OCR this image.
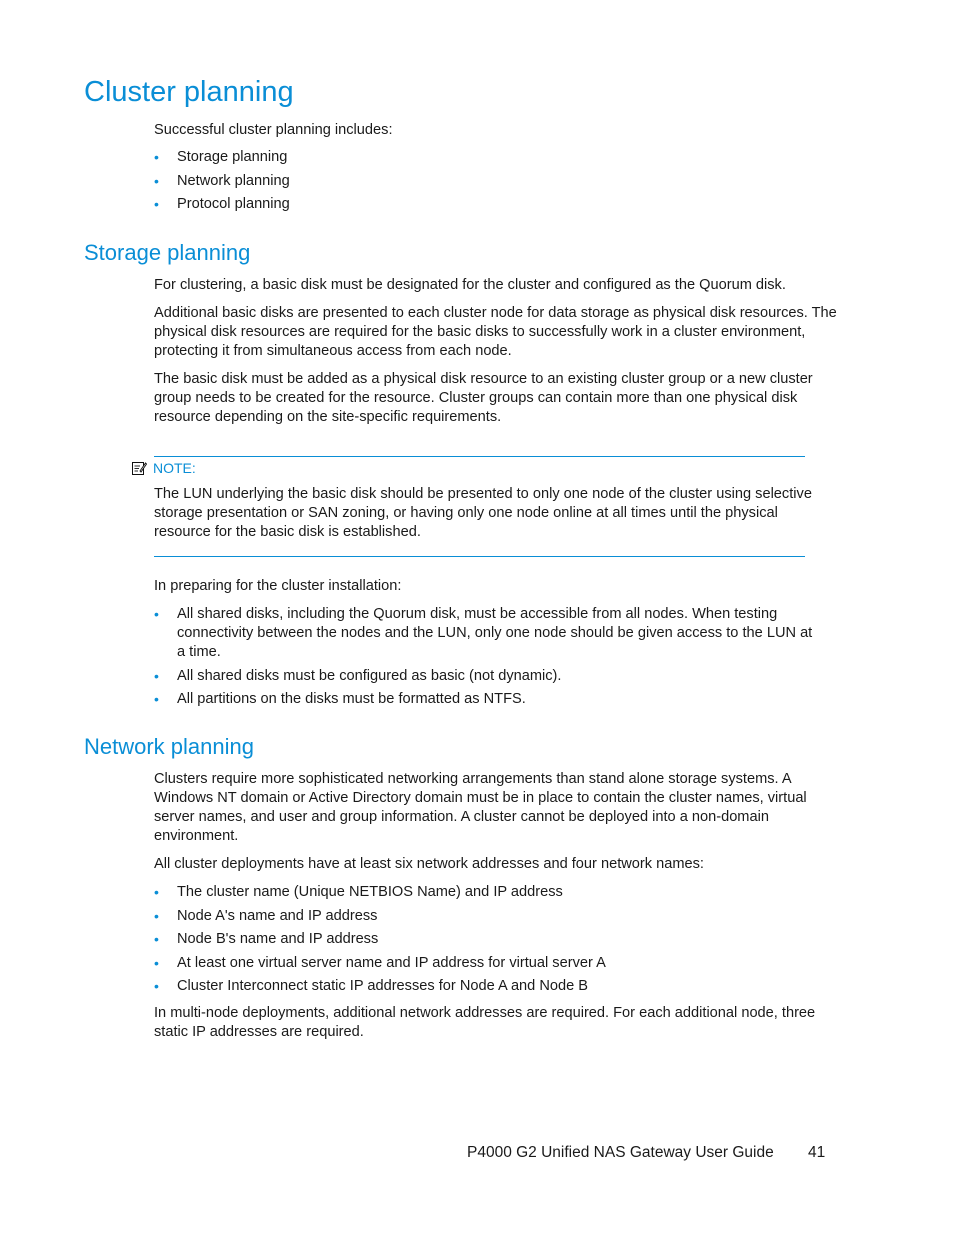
Cluster planning

Successful cluster planning includes:

• Storage planning
• Network planning
• Protocol planning
Storage planning

For clustering, a basic disk must be designated for the cluster and configured as the Quorum disk.

Additional basic disks are presented to each cluster node for data storage as physical disk resources. The physical disk resources are required for the basic disks to successfully work in a cluster environment, protecting it from simultaneous access from each node.

The basic disk must be added as a physical disk resource to an existing cluster group or a new cluster group needs to be created for the resource. Cluster groups can contain more than one physical disk resource depending on the site-specific requirements.

NOTE:

The LUN underlying the basic disk should be presented to only one node of the cluster using selective storage presentation or SAN zoning, or having only one node online at all times until the physical resource for the basic disk is established.

In preparing for the cluster installation:

• All shared disks, including the Quorum disk, must be accessible from all nodes. When testing connectivity between the nodes and the LUN, only one node should be given access to the LUN at a time.
• All shared disks must be configured as basic (not dynamic).
• All partitions on the disks must be formatted as NTFS.
Network planning

Clusters require more sophisticated networking arrangements than stand alone storage systems. A Windows NT domain or Active Directory domain must be in place to contain the cluster names, virtual server names, and user and group information. A cluster cannot be deployed into a non-domain environment.

All cluster deployments have at least six network addresses and four network names:

• The cluster name (Unique NETBIOS Name) and IP address
• Node A's name and IP address
• Node B's name and IP address
• At least one virtual server name and IP address for virtual server A
• Cluster Interconnect static IP addresses for Node A and Node B

In multi-node deployments, additional network addresses are required. For each additional node, three static IP addresses are required.

P4000 G2 Unified NAS Gateway User Guide 41
